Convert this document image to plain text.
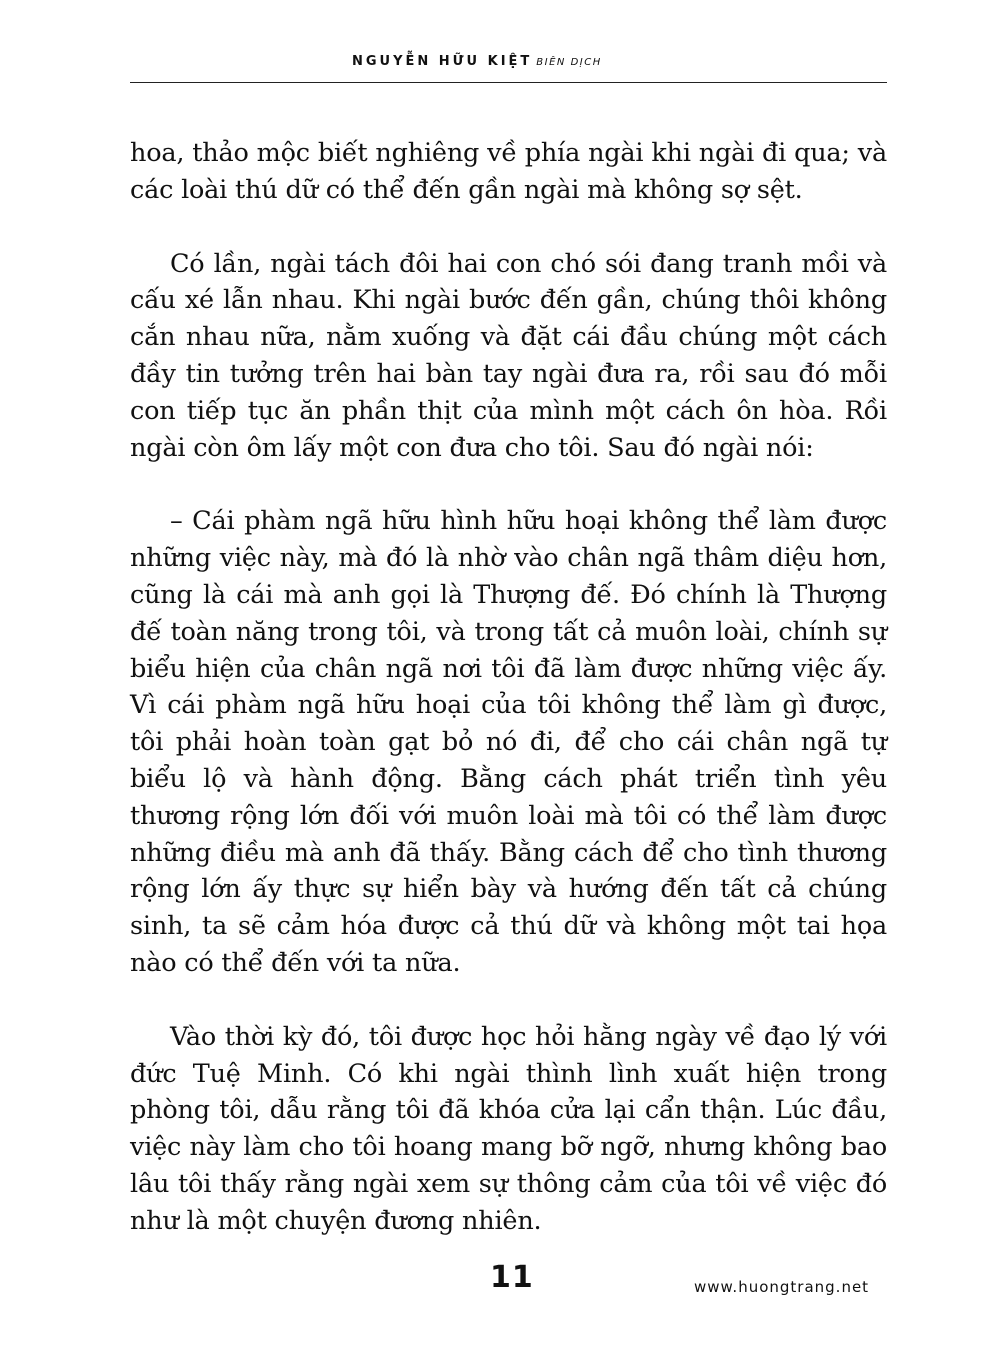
NGUYỄN HỮU KIỆT BIÊN DỊCH

hoa, thảo mộc biết nghiêng về phía ngài khi ngài đi qua; và các loài thú dữ có thể đến gần ngài mà không sợ sệt.

Có lần, ngài tách đôi hai con chó sói đang tranh mồi và cấu xé lẫn nhau. Khi ngài bước đến gần, chúng thôi không cắn nhau nữa, nằm xuống và đặt cái đầu chúng một cách đầy tin tưởng trên hai bàn tay ngài đưa ra, rồi sau đó mỗi con tiếp tục ăn phần thịt của mình một cách ôn hòa. Rồi ngài còn ôm lấy một con đưa cho tôi. Sau đó ngài nói:

– Cái phàm ngã hữu hình hữu hoại không thể làm được những việc này, mà đó là nhờ vào chân ngã thâm diệu hơn, cũng là cái mà anh gọi là Thượng đế. Đó chính là Thượng đế toàn năng trong tôi, và trong tất cả muôn loài, chính sự biểu hiện của chân ngã nơi tôi đã làm được những việc ấy. Vì cái phàm ngã hữu hoại của tôi không thể làm gì được, tôi phải hoàn toàn gạt bỏ nó đi, để cho cái chân ngã tự biểu lộ và hành động. Bằng cách phát triển tình yêu thương rộng lớn đối với muôn loài mà tôi có thể làm được những điều mà anh đã thấy. Bằng cách để cho tình thương rộng lớn ấy thực sự hiển bày và hướng đến tất cả chúng sinh, ta sẽ cảm hóa được cả thú dữ và không một tai họa nào có thể đến với ta nữa.

Vào thời kỳ đó, tôi được học hỏi hằng ngày về đạo lý với đức Tuệ Minh. Có khi ngài thình lình xuất hiện trong phòng tôi, dẫu rằng tôi đã khóa cửa lại cẩn thận. Lúc đầu, việc này làm cho tôi hoang mang bỡ ngỡ, nhưng không bao lâu tôi thấy rằng ngài xem sự thông cảm của tôi về việc đó như là một chuyện đương nhiên.

11	www.huongtrang.net
